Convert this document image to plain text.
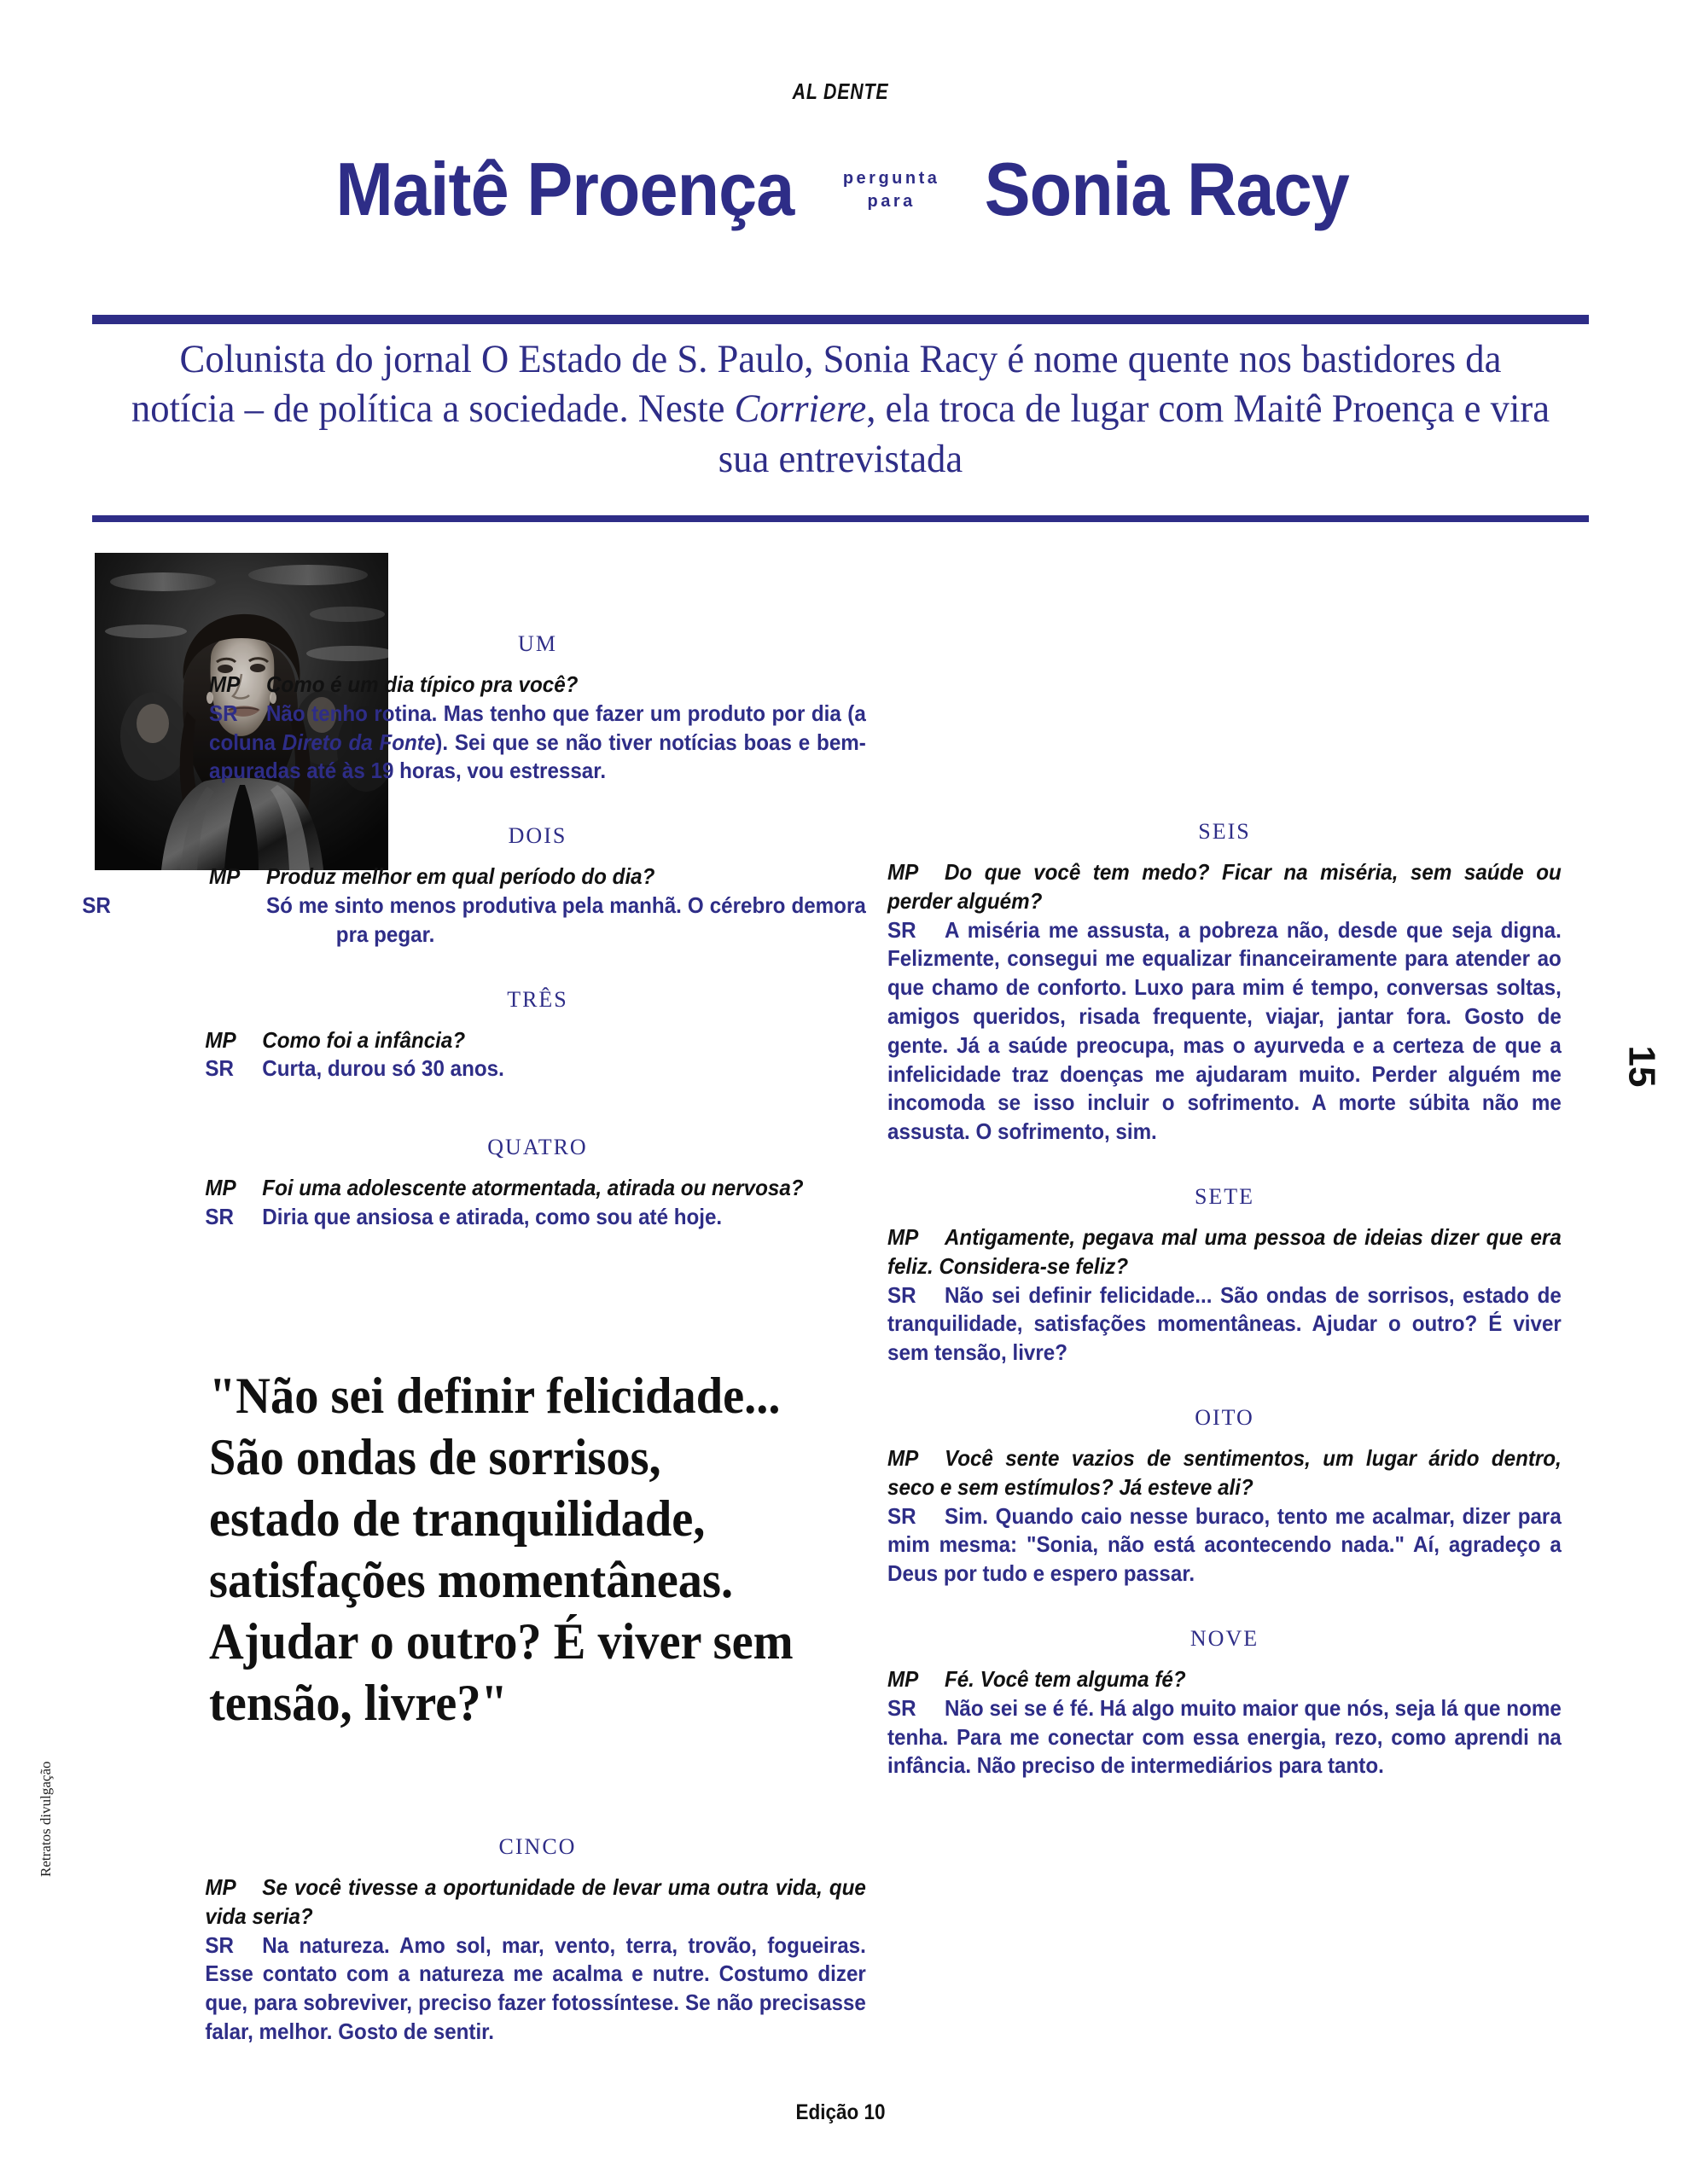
AL DENTE
Maitê Proença	pergunta
para Sonia Racy
Colunista do jornal O Estado de S. Paulo, Sonia Racy é nome quente nos bastidores da notícia – de política a sociedade. Neste Corriere, ela troca de lugar com Maitê Proença e vira sua entrevistada
UM

MP Como é um dia típico pra você?

SR Não tenho rotina. Mas tenho que fazer um produto por dia (a coluna Direto da Fonte). Sei que se não tiver notícias boas e bem-apuradas até às 19 horas, vou estressar.

DOIS

MP Produz melhor em qual período do dia?

SR	Só me sinto menos produtiva pela manhã. O cérebro demora pra pegar.

TRÊS

MP Como foi a infância?

SR Curta, durou só 30 anos.

QUATRO

MP Foi uma adolescente atormentada, atirada ou nervosa?

SR Diria que ansiosa e atirada, como sou até hoje.

"Não sei definir felicidade... São ondas de sorrisos, estado de tranquilidade, satisfações momentâneas. Ajudar o outro? É viver sem tensão, livre?"
CINCO

MP Se você tivesse a oportunidade de levar uma outra vida, que vida seria?

SR Na natureza. Amo sol, mar, vento, terra, trovão, fogueiras. Esse contato com a natureza me acalma e nutre. Costumo dizer que, para sobreviver, preciso fazer fotossíntese. Se não precisasse falar, melhor. Gosto de sentir.

SEIS

MP Do que você tem medo? Ficar na miséria, sem saúde ou perder alguém?

SR A miséria me assusta, a pobreza não, desde que seja digna. Felizmente, consegui me equalizar financeiramente para atender ao que chamo de conforto. Luxo para mim é tempo, conversas soltas, amigos queridos, risada frequente, viajar, jantar fora. Gosto de gente. Já a saúde preocupa, mas o ayurveda e a certeza de que a infelicidade traz doenças me ajudaram muito. Perder alguém me incomoda se isso incluir o sofrimento. A morte súbita não me assusta. O sofrimento, sim.

SETE

MP Antigamente, pegava mal uma pessoa de ideias dizer que era feliz. Considera-se feliz?

SR Não sei definir felicidade... São ondas de sorrisos, estado de tranquilidade, satisfações momentâneas. Ajudar o outro? É viver sem tensão, livre?

OITO

MP Você sente vazios de sentimentos, um lugar árido dentro, seco e sem estímulos? Já esteve ali?

SR Sim. Quando caio nesse buraco, tento me acalmar, dizer para mim mesma: "Sonia, não está acontecendo nada." Aí, agradeço a Deus por tudo e espero passar.

NOVE

MP Fé. Você tem alguma fé?

SR Não sei se é fé. Há algo muito maior que nós, seja lá que nome tenha. Para me conectar com essa energia, rezo, como aprendi na infância. Não preciso de intermediários para tanto.

15
Retratos divulgação
Edição 10
